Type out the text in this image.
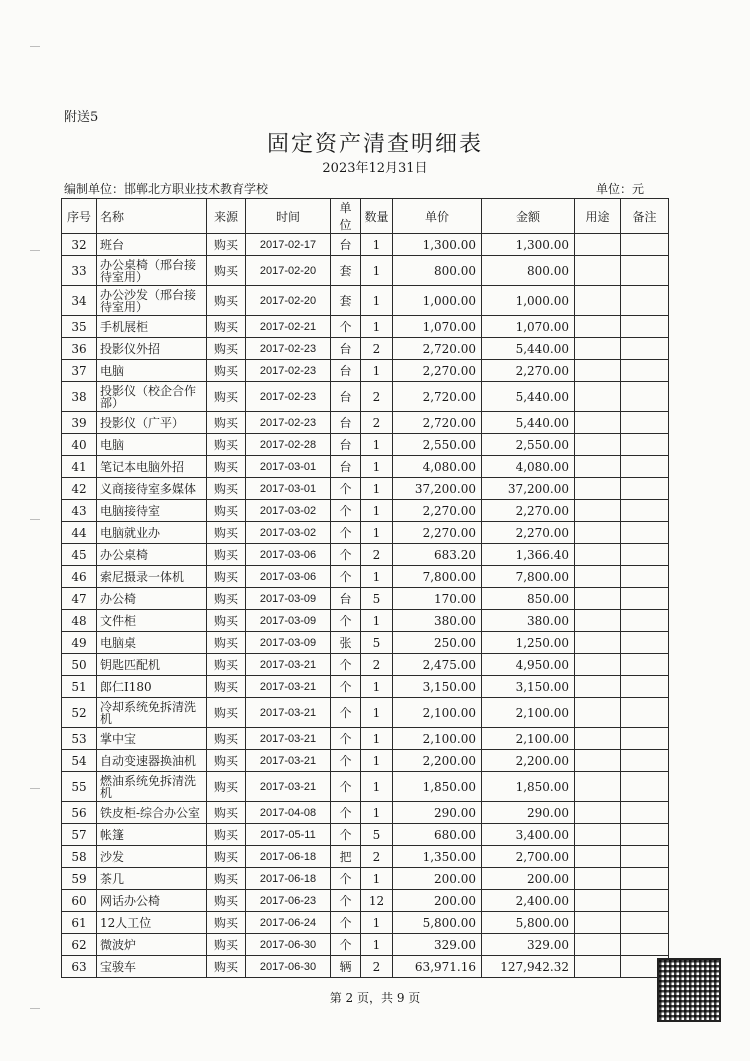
附送5
固定资产清查明细表
2023年12月31日
编制单位：邯郸北方职业技术教育学校	单位：元
序号	名称	来源	时间	单位	数量	单价	金额	用途	备注
32	班台	购买	2017-02-17	台	1	1,300.00	1,300.00		
33	办公桌椅（邢台接待室用）	购买	2017-02-20	套	1	800.00	800.00		
34	办公沙发（邢台接待室用）	购买	2017-02-20	套	1	1,000.00	1,000.00		
35	手机展柜	购买	2017-02-21	个	1	1,070.00	1,070.00		
36	投影仪外招	购买	2017-02-23	台	2	2,720.00	5,440.00		
37	电脑	购买	2017-02-23	台	1	2,270.00	2,270.00		
38	投影仪（校企合作部）	购买	2017-02-23	台	2	2,720.00	5,440.00		
39	投影仪（广平）	购买	2017-02-23	台	2	2,720.00	5,440.00		
40	电脑	购买	2017-02-28	台	1	2,550.00	2,550.00		
41	笔记本电脑外招	购买	2017-03-01	台	1	4,080.00	4,080.00		
42	义商接待室多媒体	购买	2017-03-01	个	1	37,200.00	37,200.00		
43	电脑接待室	购买	2017-03-02	个	1	2,270.00	2,270.00		
44	电脑就业办	购买	2017-03-02	个	1	2,270.00	2,270.00		
45	办公桌椅	购买	2017-03-06	个	2	683.20	1,366.40		
46	索尼摄录一体机	购买	2017-03-06	个	1	7,800.00	7,800.00		
47	办公椅	购买	2017-03-09	台	5	170.00	850.00		
48	文件柜	购买	2017-03-09	个	1	380.00	380.00		
49	电脑桌	购买	2017-03-09	张	5	250.00	1,250.00		
50	钥匙匹配机	购买	2017-03-21	个	2	2,475.00	4,950.00		
51	郎仁I180	购买	2017-03-21	个	1	3,150.00	3,150.00		
52	冷却系统免拆清洗机	购买	2017-03-21	个	1	2,100.00	2,100.00		
53	掌中宝	购买	2017-03-21	个	1	2,100.00	2,100.00		
54	自动变速器换油机	购买	2017-03-21	个	1	2,200.00	2,200.00		
55	燃油系统免拆清洗机	购买	2017-03-21	个	1	1,850.00	1,850.00		
56	铁皮柜-综合办公室	购买	2017-04-08	个	1	290.00	290.00		
57	帐篷	购买	2017-05-11	个	5	680.00	3,400.00		
58	沙发	购买	2017-06-18	把	2	1,350.00	2,700.00		
59	茶几	购买	2017-06-18	个	1	200.00	200.00		
60	网话办公椅	购买	2017-06-23	个	12	200.00	2,400.00		
61	12人工位	购买	2017-06-24	个	1	5,800.00	5,800.00		
62	微波炉	购买	2017-06-30	个	1	329.00	329.00		
63	宝骏车	购买	2017-06-30	辆	2	63,971.16	127,942.32		
第 2 页，共 9 页
